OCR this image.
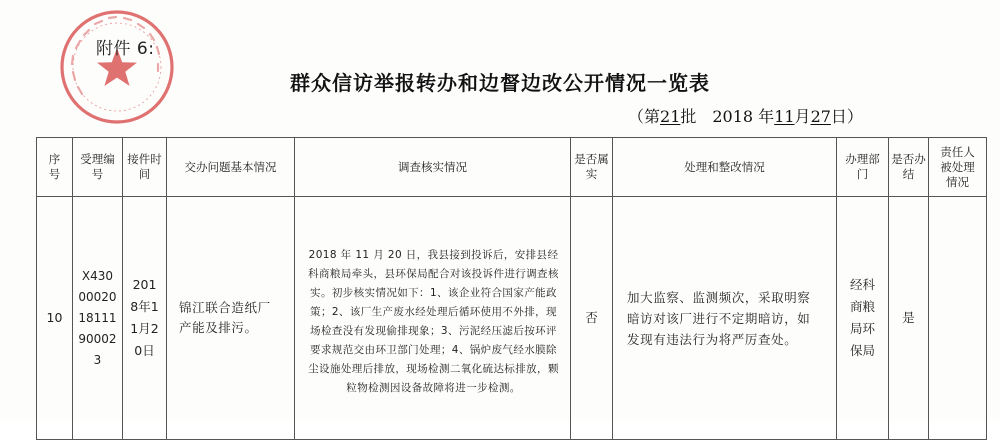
附件 6:
群众信访举报转办和边督边改公开情况一览表
（第21批　2018 年11月27日）
序号	受理编号	接件时间	交办问题基本情况	调查核实情况	是否属实	处理和整改情况	办理部门	是否办结	责任人被处理情况
10	X4300002018111900023	2018年11月20日	锦江联合造纸厂产能及排污。	2018 年 11 月 20 日，我县接到投诉后，安排县经科商粮局牵头，县环保局配合对该投诉件进行调查核实。初步核实情况如下：1、该企业符合国家产能政策；2、该厂生产废水经处理后循环使用不外排，现场检查没有发现偷排现象；3、污泥经压滤后按环评要求规范交由环卫部门处理；4、锅炉废气经水膜除尘设施处理后排放，现场检测二氧化硫达标排放，颗粒物检测因设备故障将进一步检测。	否	加大监察、监测频次，采取明察暗访对该厂进行不定期暗访，如发现有违法行为将严厉查处。	经科商粮局环保局	是	
